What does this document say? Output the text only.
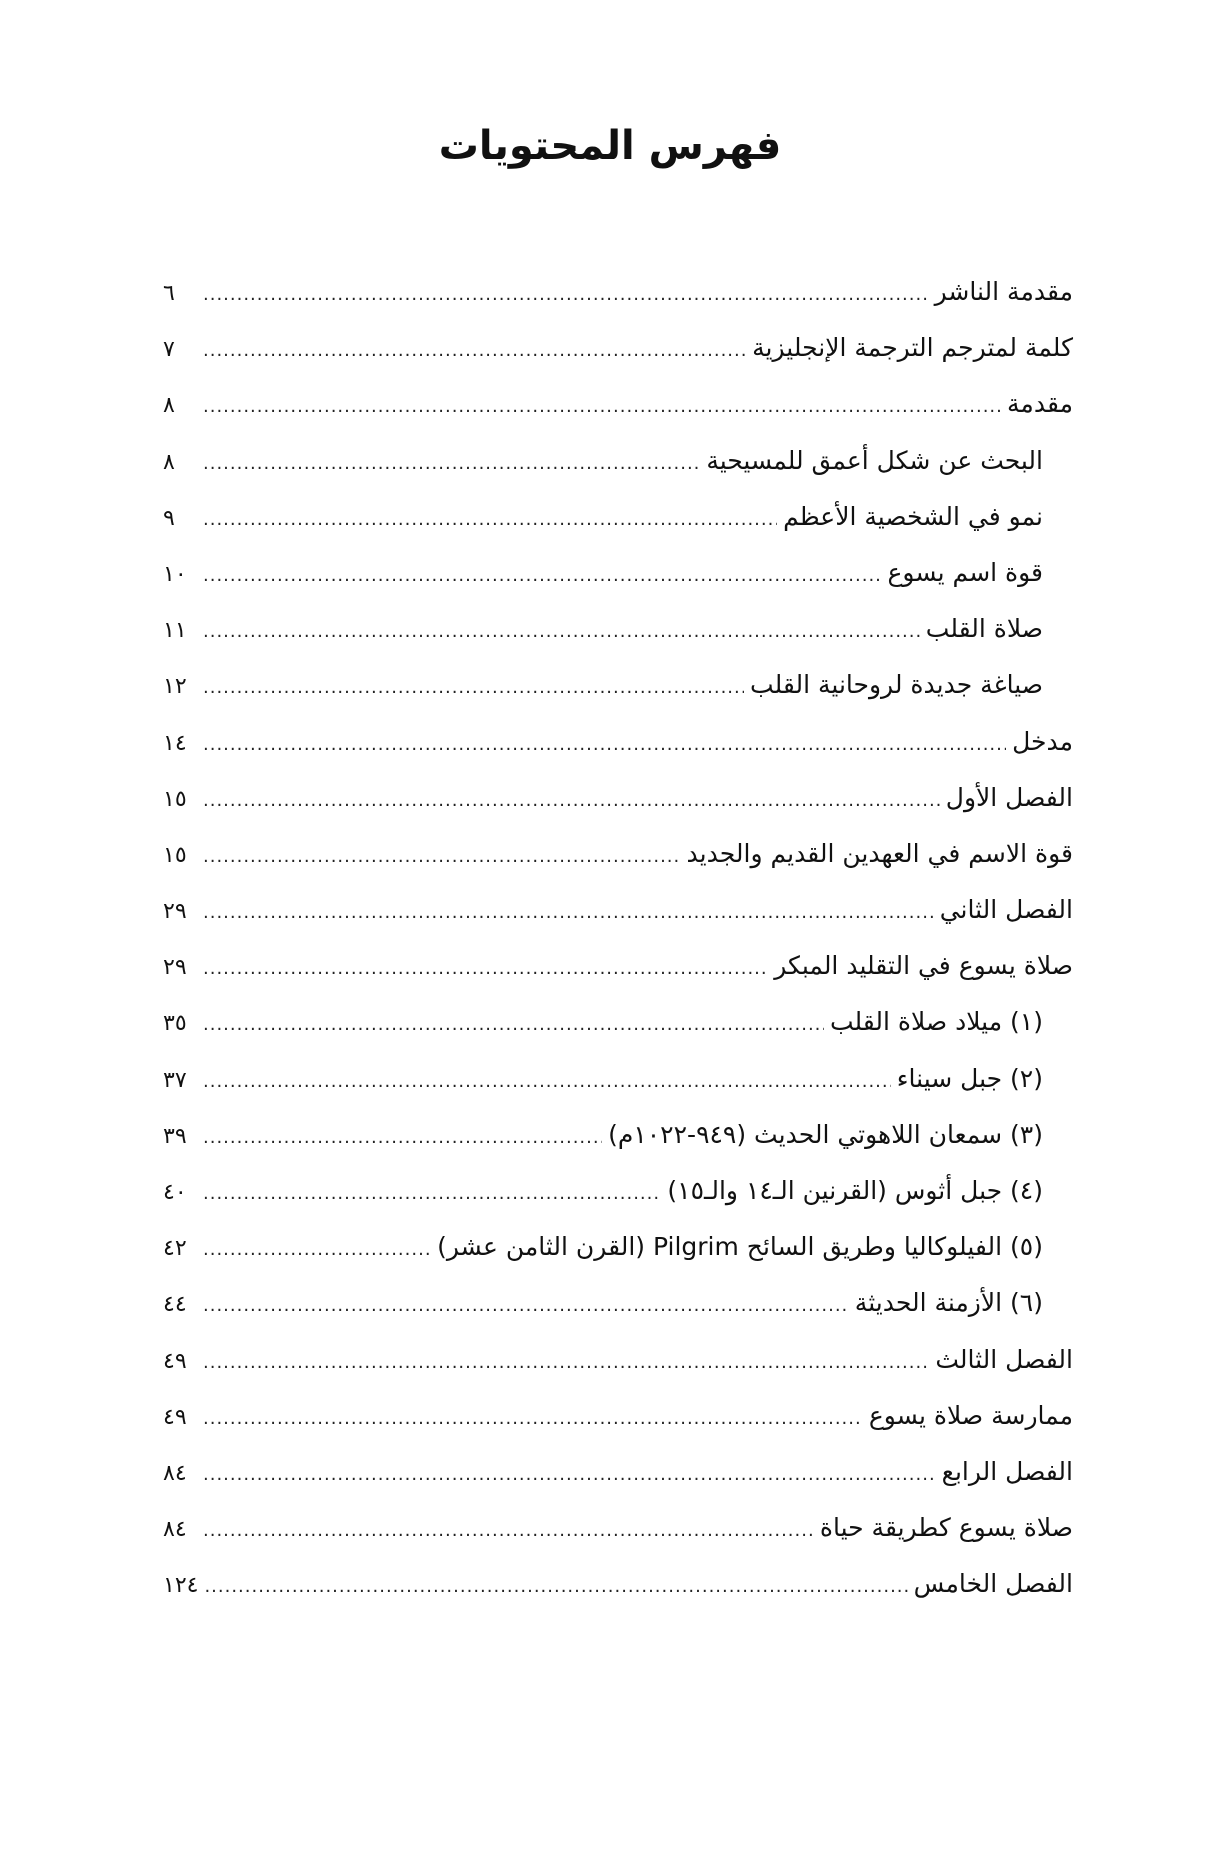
فهرس المحتويات
مقدمة الناشر
.....
٦
كلمة لمترجم الترجمة الإنجليزية
.....
٧
مقدمة
.....
٨
البحث عن شكل أعمق للمسيحية
.....
٨
نمو في الشخصية الأعظم
.....
٩
قوة اسم يسوع
.....
١٠
صلاة القلب
.....
١١
صياغة جديدة لروحانية القلب
.....
١٢
مدخل
.....
١٤
الفصل الأول
.....
١٥
قوة الاسم في العهدين القديم والجديد
.....
١٥
الفصل الثاني
.....
٢٩
صلاة يسوع في التقليد المبكر
.....
٢٩
(١) ميلاد صلاة القلب
.....
٣٥
(٢) جبل سيناء
.....
٣٧
(٣) سمعان اللاهوتي الحديث (٩٤٩-١٠٢٢م)
.....
٣٩
(٤) جبل أثوس (القرنين الـ١٤ والـ١٥)
.....
٤٠
(٥) الفيلوكاليا وطريق السائح Pilgrim (القرن الثامن عشر)
.....
٤٢
(٦) الأزمنة الحديثة
.....
٤٤
الفصل الثالث
.....
٤٩
ممارسة صلاة يسوع
.....
٤٩
الفصل الرابع
.....
٨٤
صلاة يسوع كطريقة حياة
.....
٨٤
الفصل الخامس
.....
١٢٤
